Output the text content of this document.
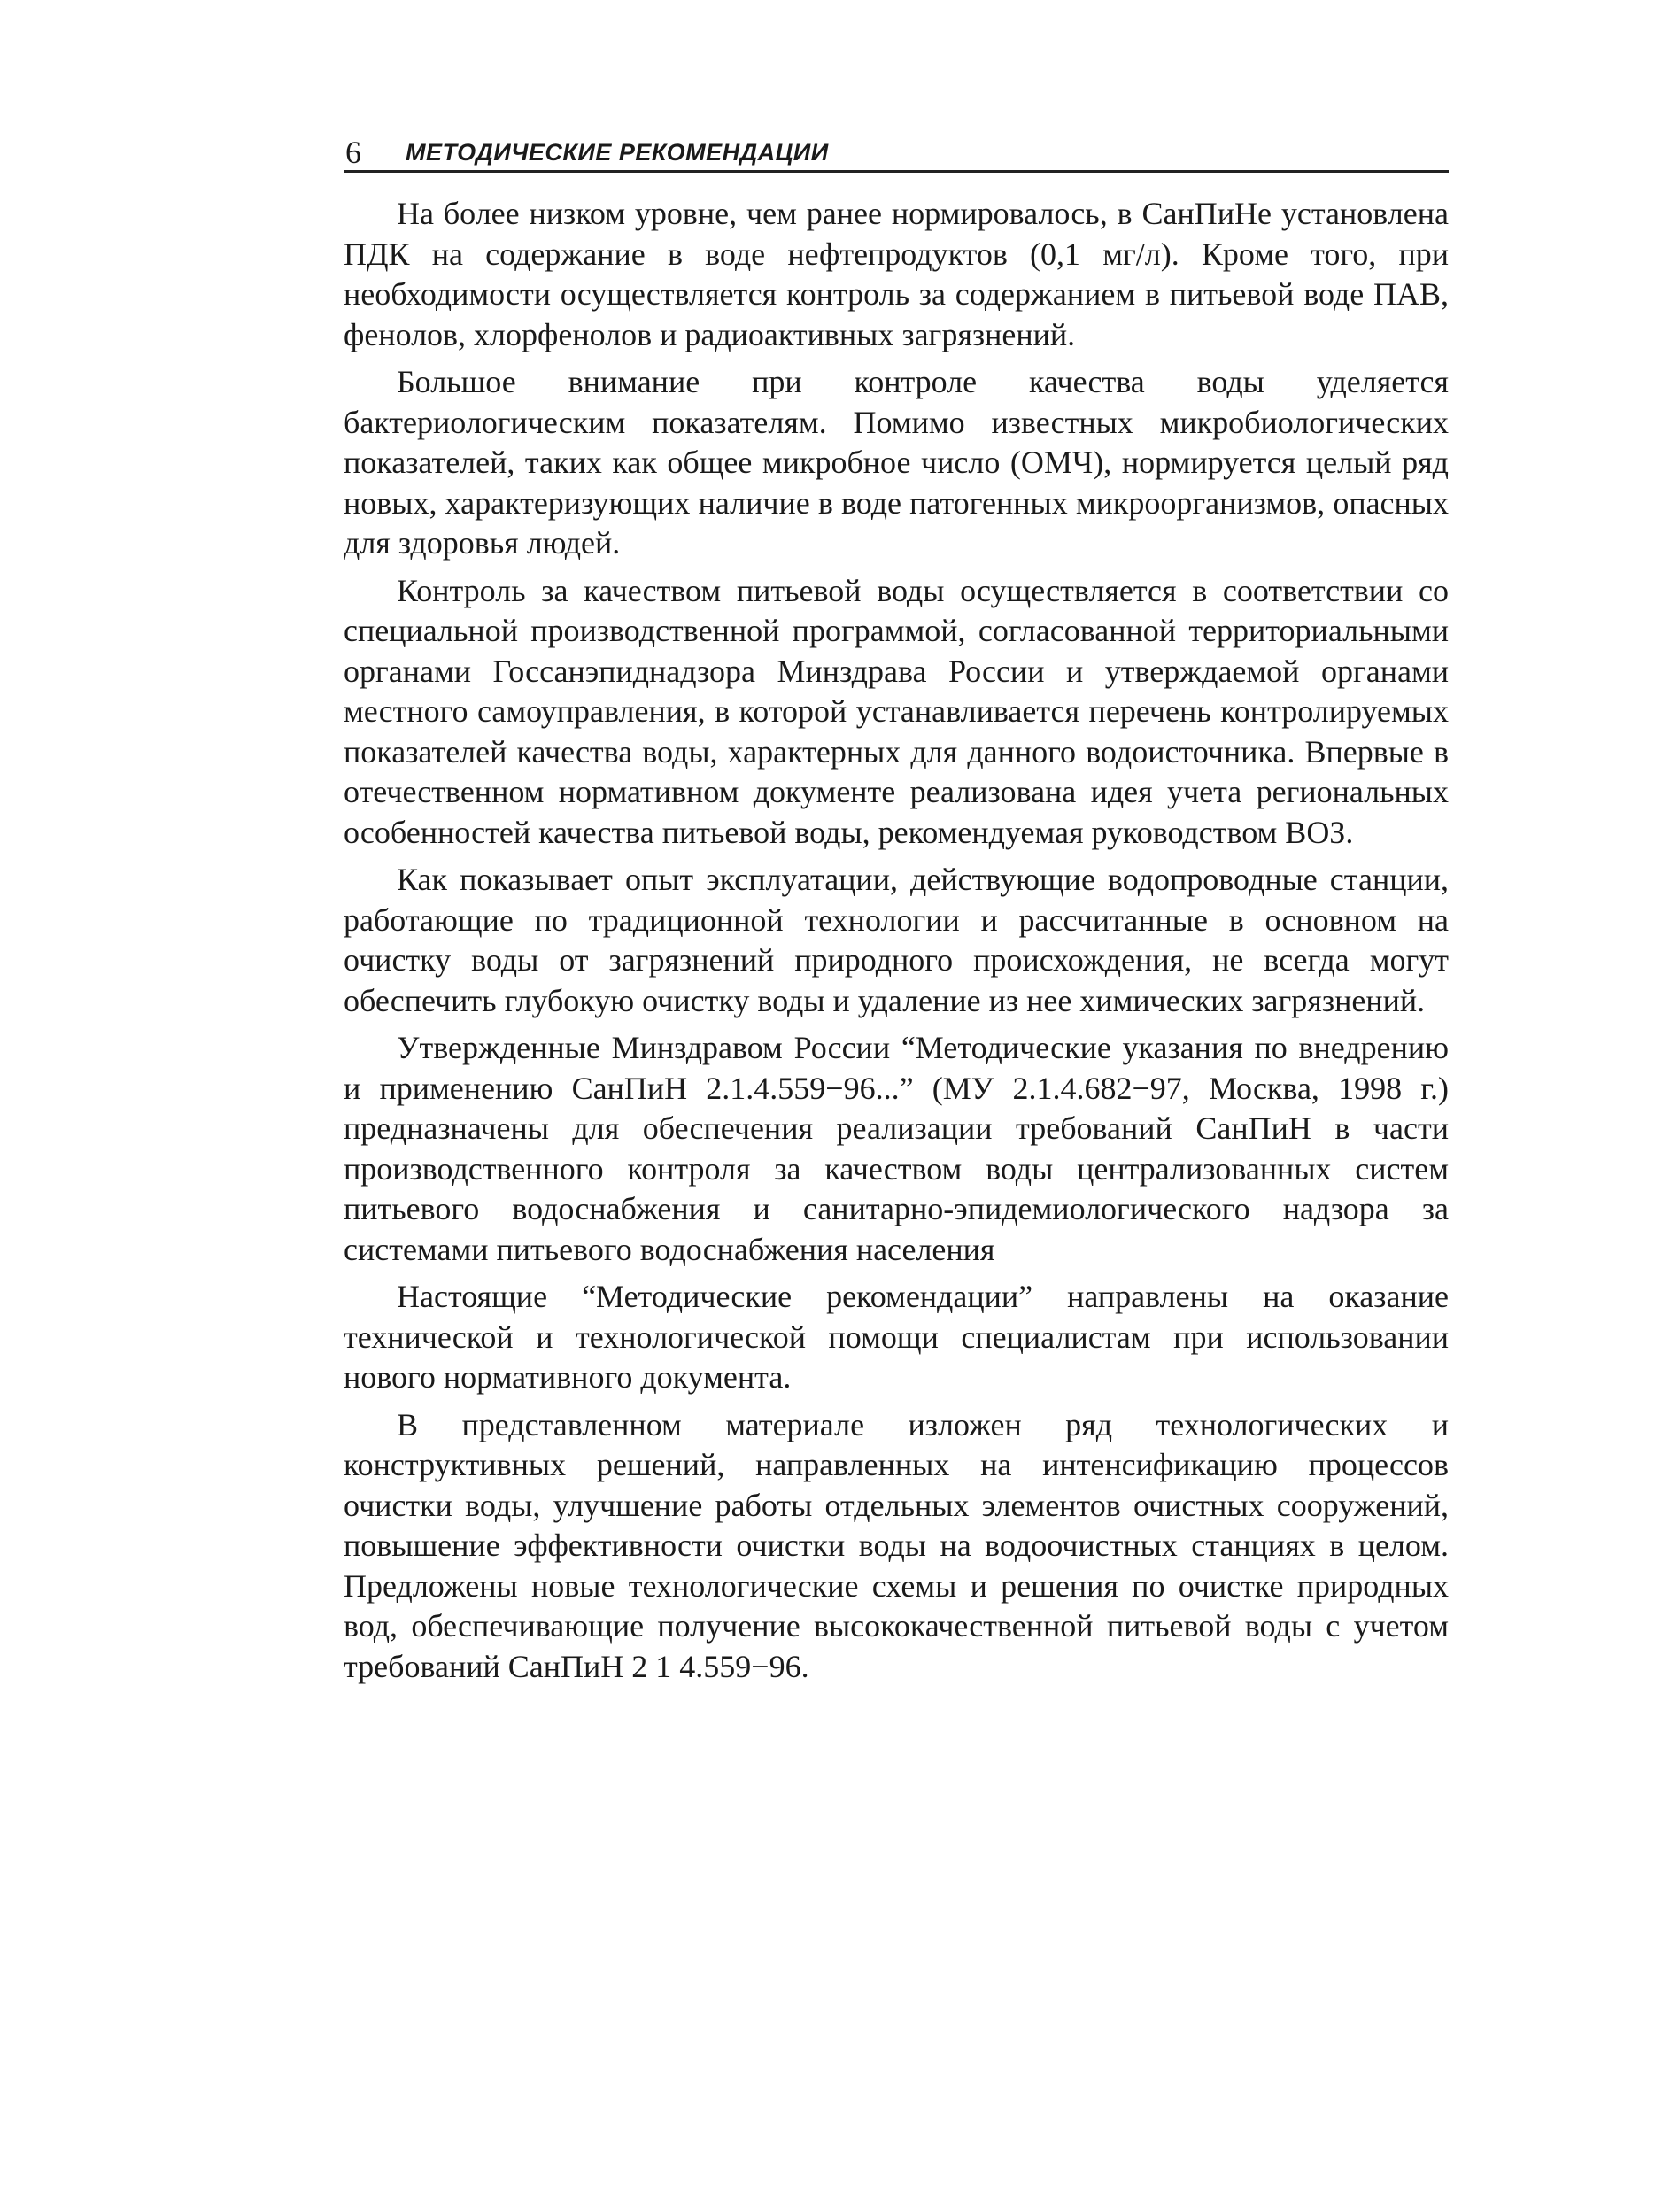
6 МЕТОДИЧЕСКИЕ РЕКОМЕНДАЦИИ

На более низком уровне, чем ранее нормировалось, в СанПиНе установлена ПДК на содержание в воде нефтепродуктов (0,1 мг/л). Кроме того, при необходимости осуществляется контроль за содержанием в питьевой воде ПАВ, фенолов, хлорфенолов и радиоактивных загрязнений.

Большое внимание при контроле качества воды уделяется бактериологическим показателям. Помимо известных микробиологических показателей, таких как общее микробное число (ОМЧ), нормируется целый ряд новых, характеризующих наличие в воде патогенных микроорганизмов, опасных для здоровья людей.

Контроль за качеством питьевой воды осуществляется в соответствии со специальной производственной программой, согласованной территориальными органами Госсанэпиднадзора Минздрава России и утверждаемой органами местного самоуправления, в которой устанавливается перечень контролируемых показателей качества воды, характерных для данного водоисточника. Впервые в отечественном нормативном документе реализована идея учета региональных особенностей качества питьевой воды, рекомендуемая руководством ВОЗ.

Как показывает опыт эксплуатации, действующие водопроводные станции, работающие по традиционной технологии и рассчитанные в основном на очистку воды от загрязнений природного происхождения, не всегда могут обеспечить глубокую очистку воды и удаление из нее химических загрязнений.

Утвержденные Минздравом России “Методические указания по внедрению и применению СанПиН 2.1.4.559−96...” (МУ 2.1.4.682−97, Москва, 1998 г.) предназначены для обеспечения реализации требований СанПиН в части производственного контроля за качеством воды централизованных систем питьевого водоснабжения и санитарно-эпидемиологического надзора за системами питьевого водоснабжения населения

Настоящие “Методические рекомендации” направлены на оказание технической и технологической помощи специалистам при использовании нового нормативного документа.

В представленном материале изложен ряд технологических и конструктивных решений, направленных на интенсификацию процессов очистки воды, улучшение работы отдельных элементов очистных сооружений, повышение эффективности очистки воды на водоочистных станциях в целом. Предложены новые технологические схемы и решения по очистке природных вод, обеспечивающие получение высококачественной питьевой воды с учетом требований СанПиН 2 1 4.559−96.
